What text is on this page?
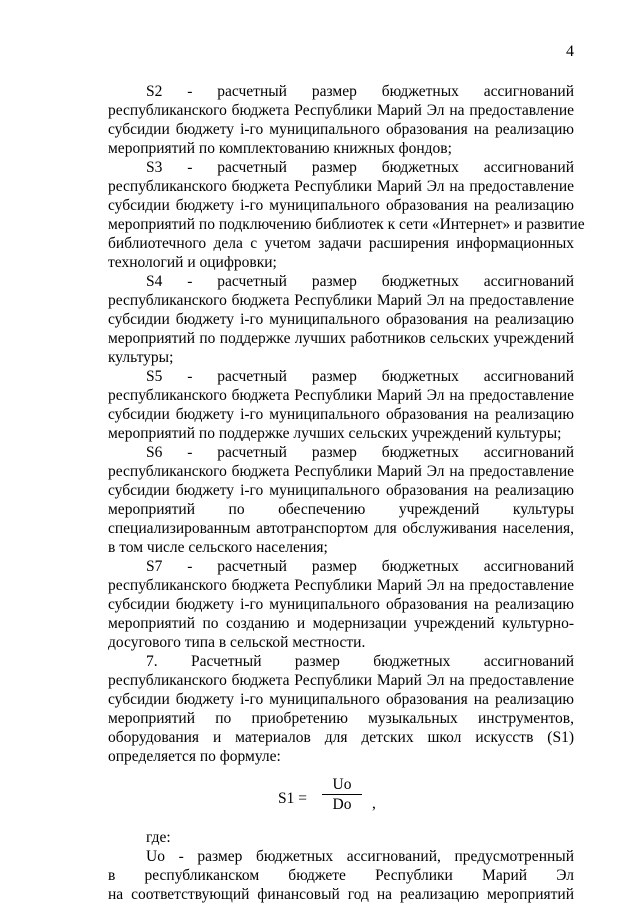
4
S2 - расчетный размер бюджетных ассигнований
республиканского бюджета Республики Марий Эл на предоставление
субсидии бюджету i-го муниципального образования на реализацию
мероприятий по комплектованию книжных фондов;
S3 - расчетный размер бюджетных ассигнований
республиканского бюджета Республики Марий Эл на предоставление
субсидии бюджету i-го муниципального образования на реализацию
мероприятий по подключению библиотек к сети «Интернет» и развитие
библиотечного дела с учетом задачи расширения информационных
технологий и оцифровки;
S4 - расчетный размер бюджетных ассигнований
республиканского бюджета Республики Марий Эл на предоставление
субсидии бюджету i-го муниципального образования на реализацию
мероприятий по поддержке лучших работников сельских учреждений
культуры;
S5 - расчетный размер бюджетных ассигнований
республиканского бюджета Республики Марий Эл на предоставление
субсидии бюджету i-го муниципального образования на реализацию
мероприятий по поддержке лучших сельских учреждений культуры;
S6 - расчетный размер бюджетных ассигнований
республиканского бюджета Республики Марий Эл на предоставление
субсидии бюджету i-го муниципального образования на реализацию
мероприятий по обеспечению учреждений культуры
специализированным автотранспортом для обслуживания населения,
в том числе сельского населения;
S7 - расчетный размер бюджетных ассигнований
республиканского бюджета Республики Марий Эл на предоставление
субсидии бюджету i-го муниципального образования на реализацию
мероприятий по созданию и модернизации учреждений культурно-
досугового типа в сельской местности.
7. Расчетный размер бюджетных ассигнований
республиканского бюджета Республики Марий Эл на предоставление
субсидии бюджету i-го муниципального образования на реализацию
мероприятий по приобретению музыкальных инструментов,
оборудования и материалов для детских школ искусств (S1)
определяется по формуле:
$S1 = \frac{Uo}{Do}$ ,
где:
Uo - размер бюджетных ассигнований, предусмотренный
в республиканском бюджете Республики Марий Эл
на соответствующий финансовый год на реализацию мероприятий
